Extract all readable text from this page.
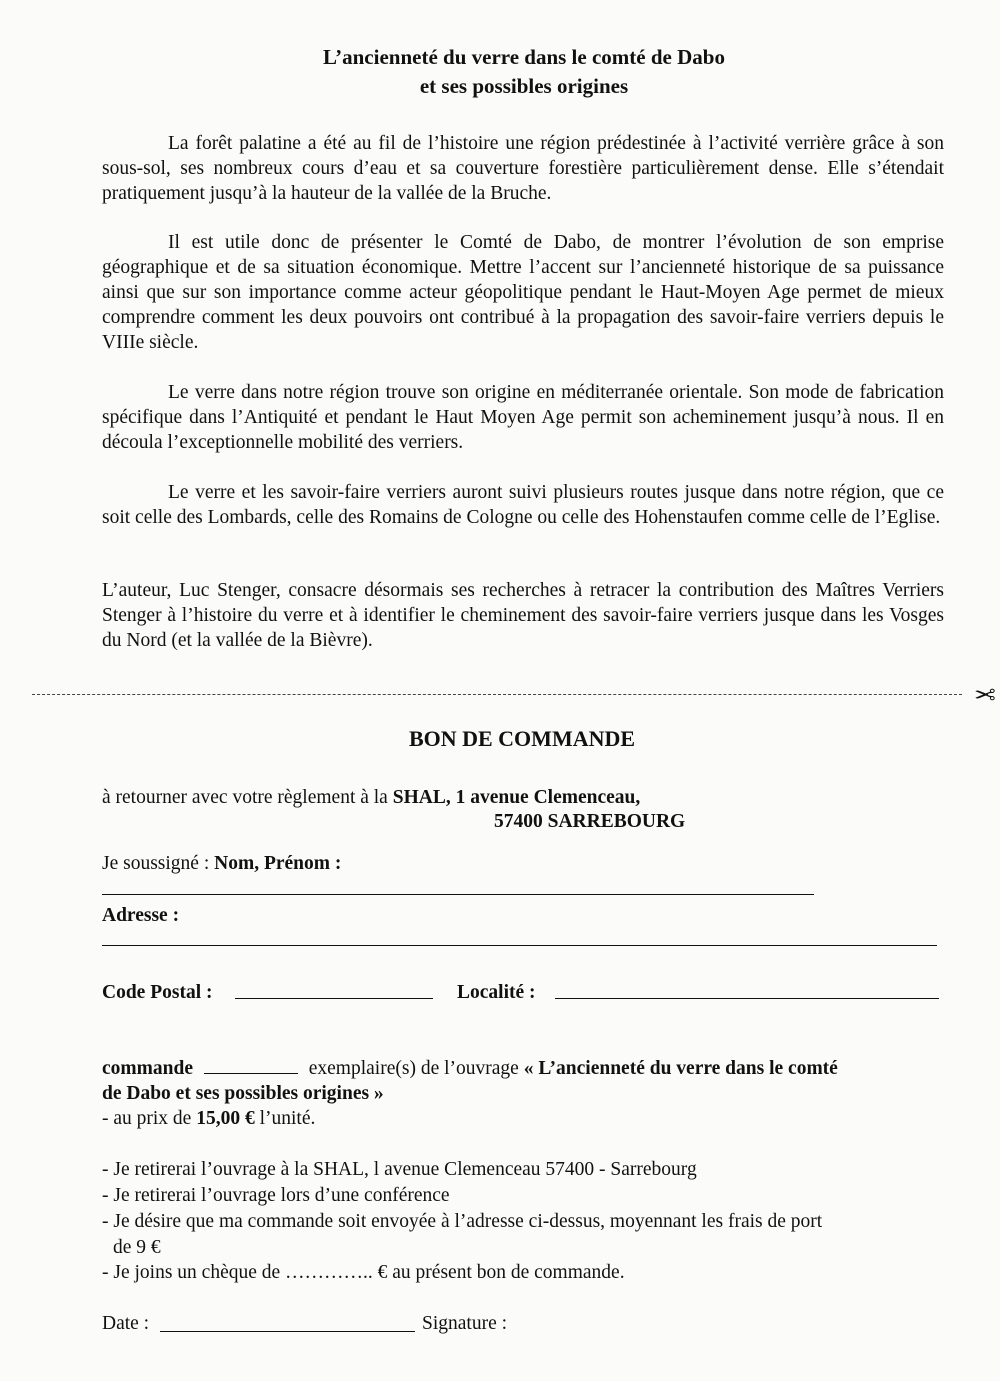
L’ancienneté du verre dans le comté de Dabo
et ses possibles origines
La forêt palatine a été au fil de l’histoire une région prédestinée à l’activité verrière grâce à son sous-sol, ses nombreux cours d’eau et sa couverture forestière particulièrement dense. Elle s’étendait pratiquement jusqu’à la hauteur de la vallée de la Bruche.
Il est utile donc de présenter le Comté de Dabo, de montrer l’évolution de son emprise géographique et de sa situation économique. Mettre l’accent sur l’ancienneté historique de sa puissance ainsi que sur son importance comme acteur géopolitique pendant le Haut-Moyen Age permet de mieux comprendre comment les deux pouvoirs ont contribué à la propagation des savoir-faire verriers depuis le VIIIe siècle.
Le verre dans notre région trouve son origine en méditerranée orientale. Son mode de fabrication spécifique dans l’Antiquité et pendant le Haut Moyen Age permit son acheminement jusqu’à nous. Il en découla l’exceptionnelle mobilité des verriers.
Le verre et les savoir-faire verriers auront suivi plusieurs routes jusque dans notre région, que ce soit celle des Lombards, celle des Romains de Cologne ou celle des Hohenstaufen comme celle de l’Eglise.
L’auteur, Luc Stenger, consacre désormais ses recherches à retracer la contribution des Maîtres Verriers Stenger à l’histoire du verre et à identifier le cheminement des savoir-faire verriers jusque dans les Vosges du Nord (et la vallée de la Bièvre).
✂
BON DE COMMANDE
à retourner avec votre règlement à la SHAL, 1 avenue Clemenceau,
57400 SARREBOURG
Je soussigné : Nom, Prénom :
Adresse :
Code Postal :	Localité :
commande	exemplaire(s) de l’ouvrage « L’ancienneté du verre dans le comté
de Dabo et ses possibles origines »
- au prix de 15,00 € l’unité.
- Je retirerai l’ouvrage à la SHAL, l avenue Clemenceau 57400 - Sarrebourg
- Je retirerai l’ouvrage lors d’une conférence
- Je désire que ma commande soit envoyée à l’adresse ci-dessus, moyennant les frais de port
de 9 €
- Je joins un chèque de ………….. € au présent bon de commande.
Date :	Signature :
